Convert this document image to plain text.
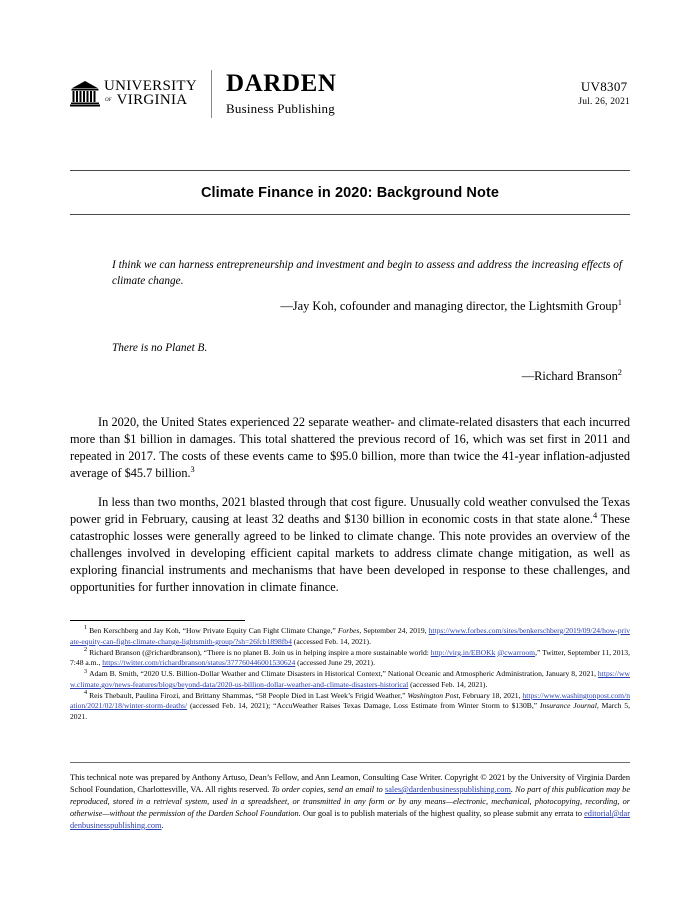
UNIVERSITY
$^{of}$ VIRGINIA
DARDEN
Business Publishing
UV8307
Jul. 26, 2021
Climate Finance in 2020: Background Note

I think we can harness entrepreneurship and investment and begin to assess and address the increasing effects of climate change.

—Jay Koh, cofounder and managing director, the Lightsmith Group$^1$

There is no Planet B.

—Richard Branson$^2$

In 2020, the United States experienced 22 separate weather- and climate-related disasters that each incurred more than $1 billion in damages. This total shattered the previous record of 16, which was set first in 2011 and repeated in 2017. The costs of these events came to $95.0 billion, more than twice the 41-year inflation-adjusted average of $45.7 billion.$^3$

In less than two months, 2021 blasted through that cost figure. Unusually cold weather convulsed the Texas power grid in February, causing at least 32 deaths and $130 billion in economic costs in that state alone.$^4$ These catastrophic losses were generally agreed to be linked to climate change. This note provides an overview of the challenges involved in developing efficient capital markets to address climate change mitigation, as well as exploring financial instruments and mechanisms that have been developed in response to these challenges, and opportunities for further innovation in climate finance.

$^1$ Ben Kerschberg and Jay Koh, “How Private Equity Can Fight Climate Change,” Forbes, September 24, 2019, https://www.forbes.com/sites/benkerschberg/2019/09/24/how-private-equity-can-fight-climate-change-lightsmith-group/?sh=26fcb1898fb4 (accessed Feb. 14, 2021).

$^2$ Richard Branson (@richardbranson), “There is no planet B. Join us in helping inspire a more sustainable world: http://virg.in/EBOKk @cwarroom,” Twitter, September 11, 2013, 7:48 a.m., https://twitter.com/richardbranson/status/377760446001530624 (accessed June 29, 2021).

$^3$ Adam B. Smith, “2020 U.S. Billion-Dollar Weather and Climate Disasters in Historical Context,” National Oceanic and Atmospheric Administration, January 8, 2021, https://www.climate.gov/news-features/blogs/beyond-data/2020-us-billion-dollar-weather-and-climate-disasters-historical (accessed Feb. 14, 2021).

$^4$ Reis Thebault, Paulina Firozi, and Brittany Shammas, “58 People Died in Last Week’s Frigid Weather,” Washington Post, February 18, 2021, https://www.washingtonpost.com/nation/2021/02/18/winter-storm-deaths/ (accessed Feb. 14, 2021); “AccuWeather Raises Texas Damage, Loss Estimate from Winter Storm to $130B,” Insurance Journal, March 5, 2021.

This technical note was prepared by Anthony Artuso, Dean’s Fellow, and Ann Leamon, Consulting Case Writer. Copyright © 2021 by the University of Virginia Darden School Foundation, Charlottesville, VA. All rights reserved. To order copies, send an email to sales@dardenbusinesspublishing.com. No part of this publication may be reproduced, stored in a retrieval system, used in a spreadsheet, or transmitted in any form or by any means—electronic, mechanical, photocopying, recording, or otherwise—without the permission of the Darden School Foundation. Our goal is to publish materials of the highest quality, so please submit any errata to editorial@dardenbusinesspublishing.com.
